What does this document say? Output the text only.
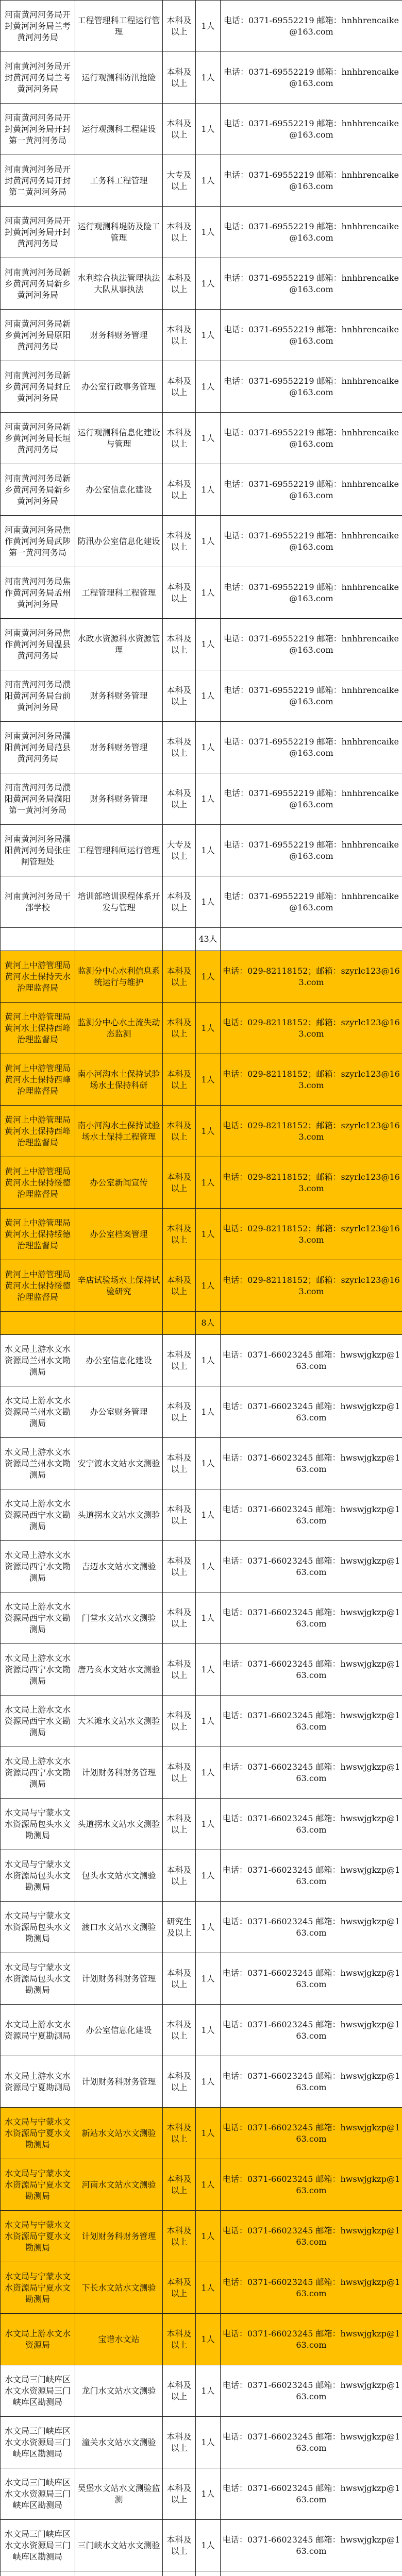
河南黄河河务局开封黄河河务局兰考黄河河务局	工程管理科工程运行管理	本科及以上	1人	电话：0371-69552219 邮箱：hnhhrencaike@163.com
河南黄河河务局开封黄河河务局兰考黄河河务局	运行观测科防汛抢险	本科及以上	1人	电话：0371-69552219 邮箱：hnhhrencaike@163.com
河南黄河河务局开封黄河河务局开封第一黄河河务局	运行观测科工程建设	本科及以上	1人	电话：0371-69552219 邮箱：hnhhrencaike@163.com
河南黄河河务局开封黄河河务局开封第二黄河河务局	工务科工程管理	大专及以上	1人	电话：0371-69552219 邮箱：hnhhrencaike@163.com
河南黄河河务局开封黄河河务局开封黄河河务局	运行观测科堤防及险工管理	本科及以上	1人	电话：0371-69552219 邮箱：hnhhrencaike@163.com
河南黄河河务局新乡黄河河务局新乡黄河河务局	水利综合执法管理执法大队从事执法	本科及以上	1人	电话：0371-69552219 邮箱：hnhhrencaike@163.com
河南黄河河务局新乡黄河河务局原阳黄河河务局	财务科财务管理	本科及以上	1人	电话：0371-69552219 邮箱：hnhhrencaike@163.com
河南黄河河务局新乡黄河河务局封丘黄河河务局	办公室行政事务管理	本科及以上	1人	电话：0371-69552219 邮箱：hnhhrencaike@163.com
河南黄河河务局新乡黄河河务局长垣黄河河务局	运行观测科信息化建设与管理	本科及以上	1人	电话：0371-69552219 邮箱：hnhhrencaike@163.com
河南黄河河务局新乡黄河河务局新乡黄河河务局	办公室信息化建设	本科及以上	1人	电话：0371-69552219 邮箱：hnhhrencaike@163.com
河南黄河河务局焦作黄河河务局武陟第一黄河河务局	防汛办公室信息化建设	本科及以上	1人	电话：0371-69552219 邮箱：hnhhrencaike@163.com
河南黄河河务局焦作黄河河务局孟州黄河河务局	工程管理科工程管理	本科及以上	1人	电话：0371-69552219 邮箱：hnhhrencaike@163.com
河南黄河河务局焦作黄河河务局温县黄河河务局	水政水资源科水资源管理	本科及以上	1人	电话：0371-69552219 邮箱：hnhhrencaike@163.com
河南黄河河务局濮阳黄河河务局台前黄河河务局	财务科财务管理	本科及以上	1人	电话：0371-69552219 邮箱：hnhhrencaike@163.com
河南黄河河务局濮阳黄河河务局范县黄河河务局	财务科财务管理	本科及以上	1人	电话：0371-69552219 邮箱：hnhhrencaike@163.com
河南黄河河务局濮阳黄河河务局濮阳第一黄河河务局	财务科财务管理	本科及以上	1人	电话：0371-69552219 邮箱：hnhhrencaike@163.com
河南黄河河务局濮阳黄河河务局张庄闸管理处	工程管理科闸运行管理	大专及以上	1人	电话：0371-69552219 邮箱：hnhhrencaike@163.com
河南黄河河务局干部学校	培训部培训课程体系开发与管理	本科及以上	1人	电话：0371-69552219 邮箱：hnhhrencaike@163.com
			43人	
黄河上中游管理局黄河水土保持天水治理监督局	监测分中心水利信息系统运行与维护	本科及以上	1人	电话：029-82118152；邮箱：szyrlc123@163.com
黄河上中游管理局黄河水土保持西峰治理监督局	监测分中心水土流失动态监测	本科及以上	1人	电话：029-82118152；邮箱：szyrlc123@163.com
黄河上中游管理局黄河水土保持西峰治理监督局	南小河沟水土保持试验场水土保持科研	本科及以上	1人	电话：029-82118152；邮箱：szyrlc123@163.com
黄河上中游管理局黄河水土保持西峰治理监督局	南小河沟水土保持试验场水土保持工程管理	本科及以上	1人	电话：029-82118152；邮箱：szyrlc123@163.com
黄河上中游管理局黄河水土保持绥德治理监督局	办公室新闻宣传	本科及以上	1人	电话：029-82118152；邮箱：szyrlc123@163.com
黄河上中游管理局黄河水土保持绥德治理监督局	办公室档案管理	本科及以上	1人	电话：029-82118152；邮箱：szyrlc123@163.com
黄河上中游管理局黄河水土保持绥德治理监督局	辛店试验场水土保持试验研究	本科及以上	1人	电话：029-82118152；邮箱：szyrlc123@163.com
			8人	
水文局上游水文水资源局兰州水文勘测局	办公室信息化建设	本科及以上	1人	电话：0371-66023245 邮箱：hwswjgkzp@163.com
水文局上游水文水资源局兰州水文勘测局	办公室财务管理	本科及以上	1人	电话：0371-66023245 邮箱：hwswjgkzp@163.com
水文局上游水文水资源局兰州水文勘测局	安宁渡水文站水文测验	本科及以上	1人	电话：0371-66023245 邮箱：hwswjgkzp@163.com
水文局上游水文水资源局西宁水文勘测局	头道拐水文站水文测验	本科及以上	1人	电话：0371-66023245 邮箱：hwswjgkzp@163.com
水文局上游水文水资源局西宁水文勘测局	吉迈水文站水文测验	本科及以上	1人	电话：0371-66023245 邮箱：hwswjgkzp@163.com
水文局上游水文水资源局西宁水文勘测局	门堂水文站水文测验	本科及以上	1人	电话：0371-66023245 邮箱：hwswjgkzp@163.com
水文局上游水文水资源局西宁水文勘测局	唐乃亥水文站水文测验	本科及以上	1人	电话：0371-66023245 邮箱：hwswjgkzp@163.com
水文局上游水文水资源局西宁水文勘测局	大米滩水文站水文测验	本科及以上	1人	电话：0371-66023245 邮箱：hwswjgkzp@163.com
水文局上游水文水资源局西宁水文勘测局	计划财务科财务管理	本科及以上	1人	电话：0371-66023245 邮箱：hwswjgkzp@163.com
水文局与宁蒙水文水资源局包头水文勘测局	头道拐水文站水文测验	本科及以上	1人	电话：0371-66023245 邮箱：hwswjgkzp@163.com
水文局与宁蒙水文水资源局包头水文勘测局	包头水文站水文测验	本科及以上	1人	电话：0371-66023245 邮箱：hwswjgkzp@163.com
水文局与宁蒙水文水资源局包头水文勘测局	渡口水文站水文测验	研究生及以上	1人	电话：0371-66023245 邮箱：hwswjgkzp@163.com
水文局与宁蒙水文水资源局包头水文勘测局	计划财务科财务管理	本科及以上	1人	电话：0371-66023245 邮箱：hwswjgkzp@163.com
水文局上游水文水资源局宁夏勘测局	办公室信息化建设	本科及以上	1人	电话：0371-66023245 邮箱：hwswjgkzp@163.com
水文局上游水文水资源局宁夏勘测局	计划财务科财务管理	本科及以上	1人	电话：0371-66023245 邮箱：hwswjgkzp@163.com
水文局与宁蒙水文水资源局宁夏水文勘测局	新站水文站水文测验	本科及以上	1人	电话：0371-66023245 邮箱：hwswjgkzp@163.com
水文局与宁蒙水文水资源局宁夏水文勘测局	河南水文站水文测验	本科及以上	1人	电话：0371-66023245 邮箱：hwswjgkzp@163.com
水文局与宁蒙水文水资源局宁夏水文勘测局	计划财务科财务管理	本科及以上	1人	电话：0371-66023245 邮箱：hwswjgkzp@163.com
水文局与宁蒙水文水资源局宁夏水文勘测局	下长水文站水文测验	本科及以上	1人	电话：0371-66023245 邮箱：hwswjgkzp@163.com
水文局上游水文水资源局	宝谱水文站	本科及以上	1人	电话：0371-66023245 邮箱：hwswjgkzp@163.com
水文局三门峡库区水文水资源局三门峡库区勘测局	龙门水文站水文测验	本科及以上	1人	电话：0371-66023245 邮箱：hwswjgkzp@163.com
水文局三门峡库区水文水资源局三门峡库区勘测局	潼关水文站水文测验	本科及以上	1人	电话：0371-66023245 邮箱：hwswjgkzp@163.com
水文局三门峡库区水文水资源局三门峡库区勘测局	吴堡水文站水文测验监测	本科及以上	1人	电话：0371-66023245 邮箱：hwswjgkzp@163.com
水文局三门峡库区水文水资源局三门峡库区勘测局	三门峡水文站水文测验	本科及以上	1人	电话：0371-66023245 邮箱：hwswjgkzp@163.com
